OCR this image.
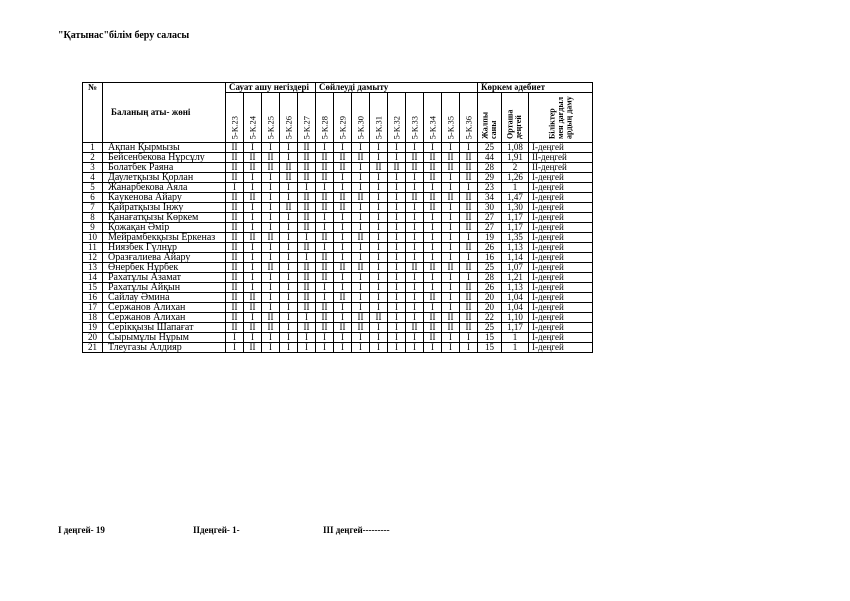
"Қатынас"білім беру саласы
№	Баланың аты- жөні	Сауат ашу негіздері					Сөйлеуді дамыту									Көркем әдебиет		

		5-К.23	5-К.24	5-К.25	5-К.26	5-К.27	5-К.28	5-К.29	5-К.30	5-К.31	5-К.32	5-К.33	5-К.34	5-К.35	5-К.36	Жалпы саны	Орташа деңгей	Біліктер мен дағдыл ардың даму

1	Ақпан Қырмызы	II	I	I	I	II	I	I	I	I	I	I	I	I	I	25	1,08	I-деңгей
2	Бейсенбекова Нұрсұлу	II	II	II	I	II	II	II	II	I	I	II	II	II	II	44	1,91	II-деңгей
3	Болатбек Раяна	II	II	II	II	II	II	II	I	II	II	II	II	II	II	28	2	II-деңгей
4	Даулетқызы Қорлан	II	I	I	II	II	II	I	I	I	I	I	II	I	II	29	1,26	I-деңгей
5	Жанарбекова Аяла	I	I	I	I	I	I	I	I	I	I	I	I	I	I	23	1	I-деңгей
6	Кaукенова Айару	II	II	I	I	II	II	II	II	I	I	II	II	II	II	34	1,47	I-деңгей
7	Қайратқызы Інжу	II	I	I	II	II	II	II	I	I	I	I	II	I	II	30	1,30	I-деңгей
8	Қанағатқызы Көркем	II	I	I	I	II	I	I	I	I	I	I	I	I	II	27	1,17	I-деңгей
9	Қожақан Әмір	II	I	I	I	II	I	I	I	I	I	I	I	I	II	27	1,17	I-деңгей
10	Мейрамбекқызы Еркеназ	II	II	II	I	I	II	I	II	I	I	I	I	I	I	19	1,35	I-деңгей
11	Ниязбек Гүлнұр	II	I	I	I	II	I	I	I	I	I	I	I	I	II	26	1,13	I-деңгей
12	Оразғалиева Айару	II	I	I	I	I	II	I	I	I	I	I	I	I	I	16	1,14	I-деңгей
13	Өнербек Нұрбек	II	I	II	I	II	II	II	II	I	I	II	II	II	II	25	1,07	I-деңгей
14	Рахатұлы Азамат	II	I	I	I	II	II	I	I	I	I	I	I	I	I	28	1,21	I-деңгей
15	Рахатұлы Айқын	II	I	I	I	II	I	I	I	I	I	I	I	I	II	26	1,13	I-деңгей
16	Сайлау Әмина	II	II	I	I	II	I	II	I	I	I	I	II	I	II	20	1,04	I-деңгей
17	Сержанов Алихан	II	II	I	I	II	II	I	I	I	I	I	I	I	II	20	1,04	I-деңгей
18	Сержанов Алихан	II	I	II	I	I	II	I	II	II	I	I	II	II	II	22	1,10	I-деңгей
19	Серікқызы Шапағат	II	II	II	I	II	II	II	II	I	I	II	II	II	II	25	1,17	I-деңгей
20	Сырымұлы Нұрым	I	I	I	I	I	I	I	I	I	I	I	II	I	I	15	1	I-деңгей
21	Тлеугазы Алдияр	I	II	I	I	I	I	I	I	I	I	I	I	I	I	15	1	I-деңгей
I деңгей- 19	IIдеңгей- 1-	III деңгей---------
